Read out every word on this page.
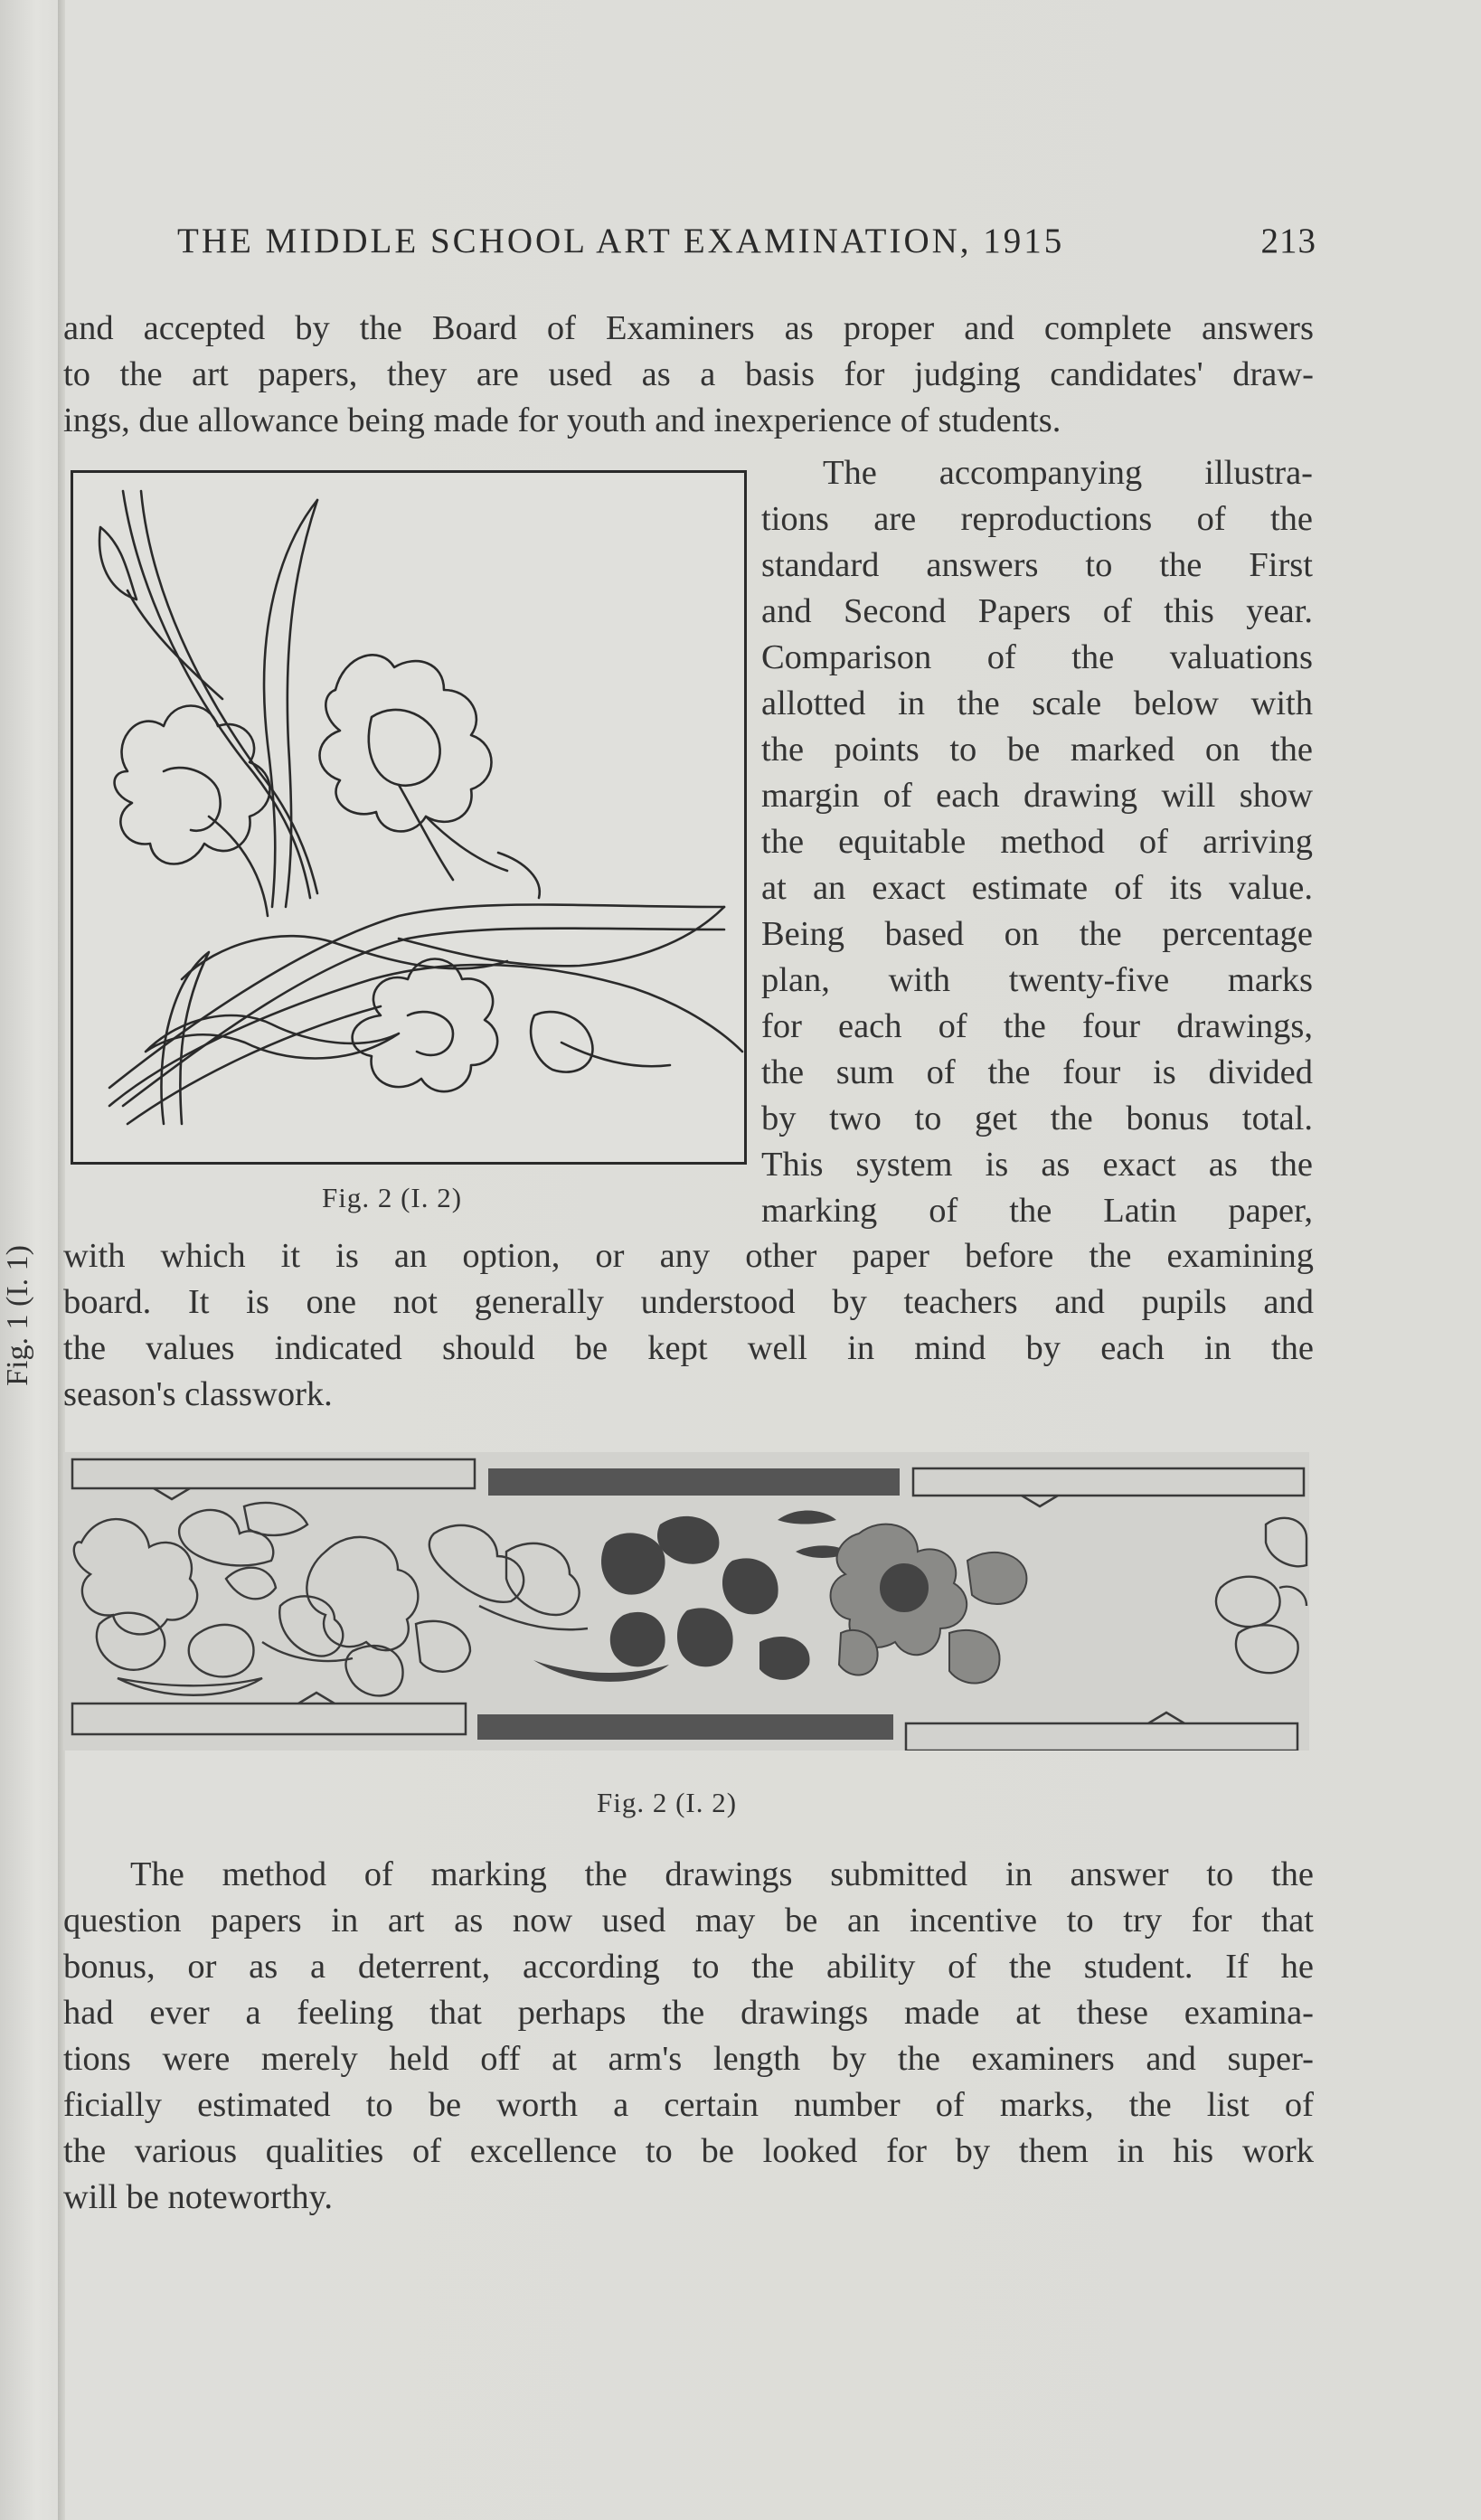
THE MIDDLE SCHOOL ART EXAMINATION, 1915	213
and accepted by the Board of Examiners as proper and complete answers
to the art papers, they are used as a basis for judging candidates' draw-
ings, due allowance being made for youth and inexperience of students.
Fig. 2 (I. 2)
The accompanying illustra-
tions are reproductions of the
standard answers to the First
and Second Papers of this year.
Comparison of the valuations
allotted in the scale below with
the points to be marked on the
margin of each drawing will show
the equitable method of arriving
at an exact estimate of its value.
Being based on the percentage
plan, with twenty-five marks
for each of the four drawings,
the sum of the four is divided
by two to get the bonus total.
This system is as exact as the
marking of the Latin paper,
with which it is an option, or any other paper before the examining
board. It is one not generally understood by teachers and pupils and
the values indicated should be kept well in mind by each in the
season's classwork.
Fig. 1 (I. 1)
Fig. 2 (I. 2)
The method of marking the drawings submitted in answer to the
question papers in art as now used may be an incentive to try for that
bonus, or as a deterrent, according to the ability of the student. If he
had ever a feeling that perhaps the drawings made at these examina-
tions were merely held off at arm's length by the examiners and super-
ficially estimated to be worth a certain number of marks, the list of
the various qualities of excellence to be looked for by them in his work
will be noteworthy.
